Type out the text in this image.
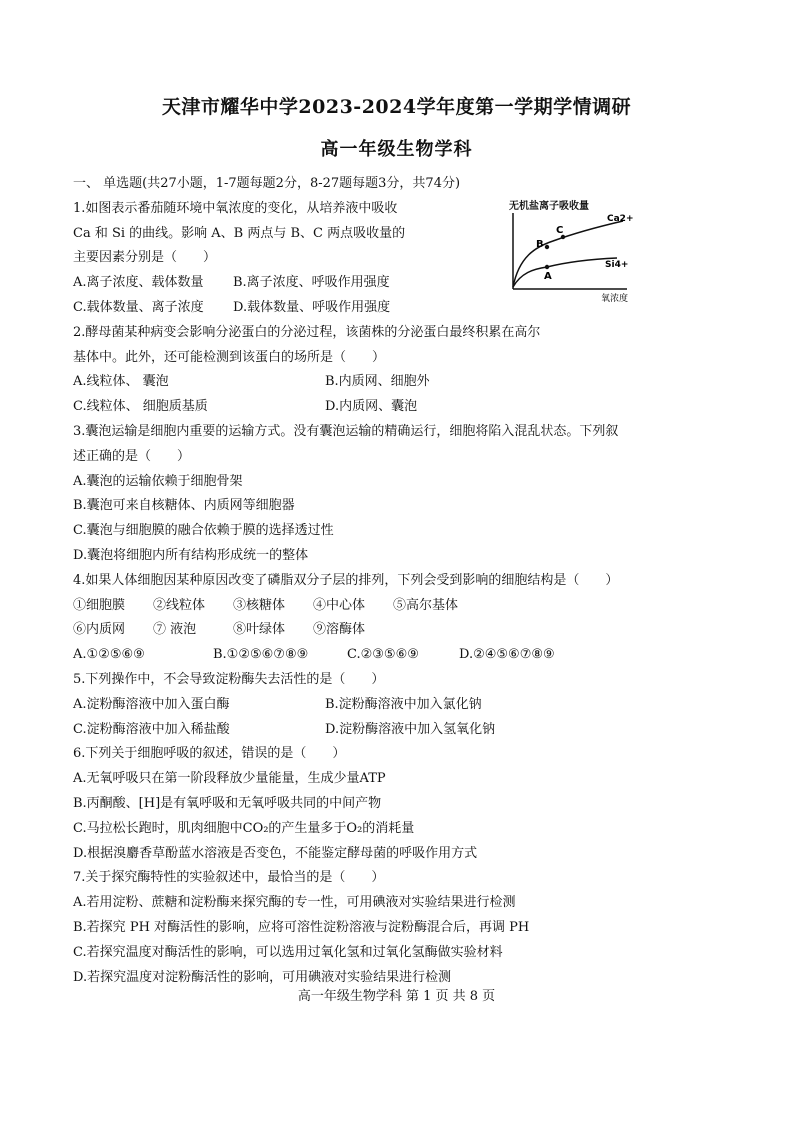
天津市耀华中学2023-2024学年度第一学期学情调研
高一年级生物学科
无机盐离子吸收量
B
C
A
Ca2+
Si4+
氧浓度
一、 单选题(共27小题，1-7题每题2分，8-27题每题3分，共74分)
1.如图表示番茄随环境中氧浓度的变化，从培养液中吸收
Ca 和 Si 的曲线。影响 A、B 两点与 B、C 两点吸收量的
主要因素分别是（　　）
A.离子浓度、载体数量	B.离子浓度、呼吸作用强度
C.载体数量、离子浓度	D.载体数量、呼吸作用强度
2.酵母菌某种病变会影响分泌蛋白的分泌过程，该菌株的分泌蛋白最终积累在高尔
基体中。此外，还可能检测到该蛋白的场所是（　　）
A.线粒体、 囊泡	B.内质网、细胞外
C.线粒体、 细胞质基质	D.内质网、囊泡
3.囊泡运输是细胞内重要的运输方式。没有囊泡运输的精确运行，细胞将陷入混乱状态。下列叙
述正确的是（　　）
A.囊泡的运输依赖于细胞骨架
B.囊泡可来自核糖体、内质网等细胞器
C.囊泡与细胞膜的融合依赖于膜的选择透过性
D.囊泡将细胞内所有结构形成统一的整体
4.如果人体细胞因某种原因改变了磷脂双分子层的排列，下列会受到影响的细胞结构是（　　）
①细胞膜	②线粒体	③核糖体	④中心体	⑤高尔基体
⑥内质网	⑦ 液泡	⑧叶绿体	⑨溶酶体
A.①②⑤⑥⑨	B.①②⑤⑥⑦⑧⑨	C.②③⑤⑥⑨	D.②④⑤⑥⑦⑧⑨
5.下列操作中，不会导致淀粉酶失去活性的是（　　）
A.淀粉酶溶液中加入蛋白酶	B.淀粉酶溶液中加入氯化钠
C.淀粉酶溶液中加入稀盐酸	D.淀粉酶溶液中加入氢氧化钠
6.下列关于细胞呼吸的叙述，错误的是（　　）
A.无氧呼吸只在第一阶段释放少量能量，生成少量ATP
B.丙酮酸、[H]是有氧呼吸和无氧呼吸共同的中间产物
C.马拉松长跑时，肌肉细胞中CO₂的产生量多于O₂的消耗量
D.根据溴麝香草酚蓝水溶液是否变色，不能鉴定酵母菌的呼吸作用方式
7.关于探究酶特性的实验叙述中，最恰当的是（　　）
A.若用淀粉、蔗糖和淀粉酶来探究酶的专一性，可用碘液对实验结果进行检测
B.若探究 PH 对酶活性的影响，应将可溶性淀粉溶液与淀粉酶混合后，再调 PH
C.若探究温度对酶活性的影响，可以选用过氧化氢和过氧化氢酶做实验材料
D.若探究温度对淀粉酶活性的影响，可用碘液对实验结果进行检测
高一年级生物学科 第 1 页 共 8 页
